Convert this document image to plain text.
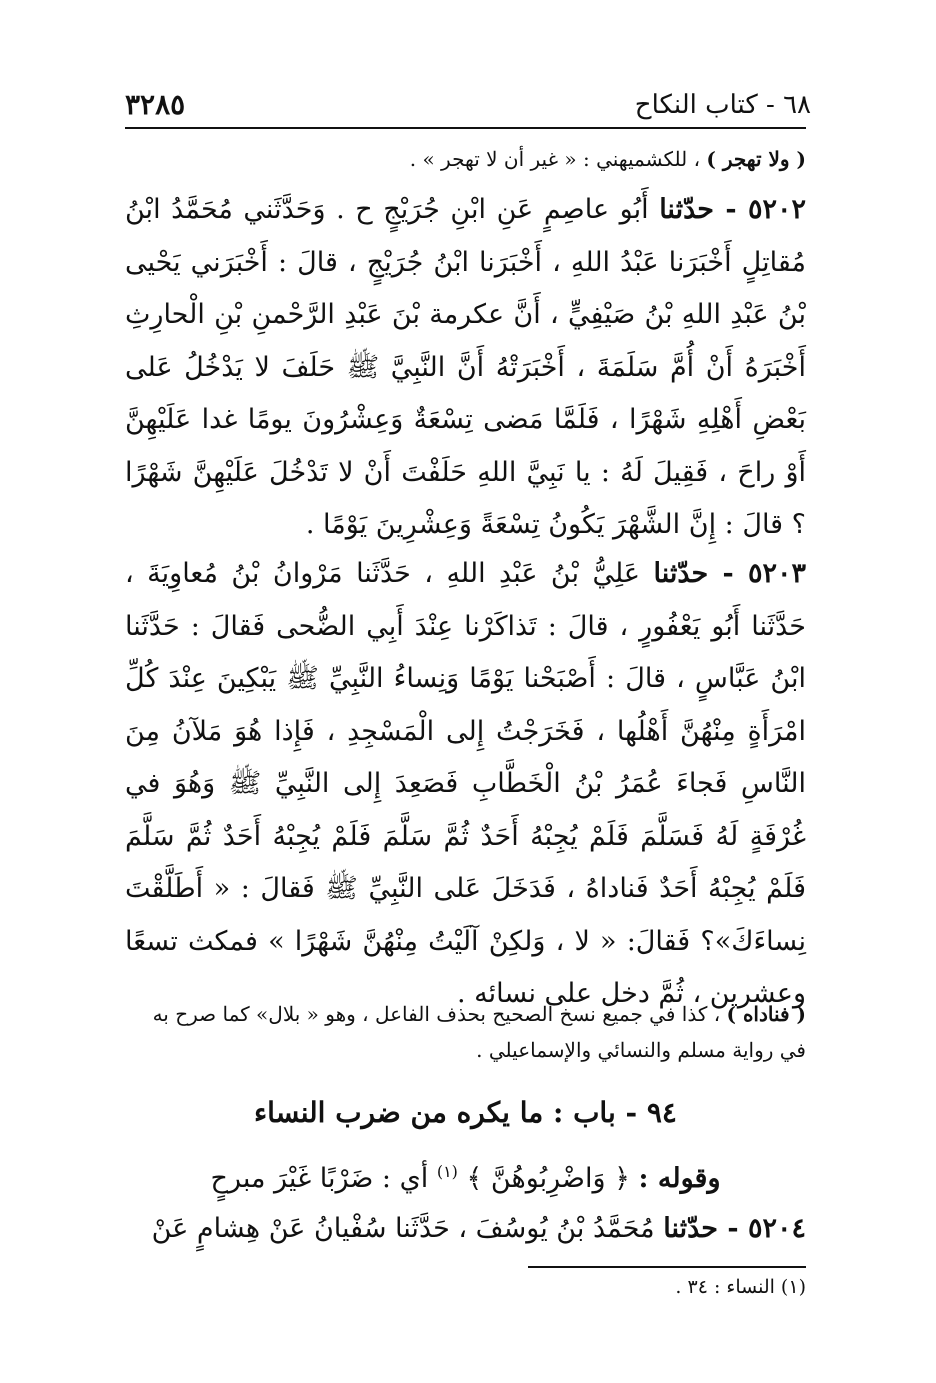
٦٨ - كتاب النكاح
٣٢٨٥
( ولا تهجر ) ، للكشميهني : « غير أن لا تهجر » .
٥٢٠٢ - حدّثنا أَبُو عاصِمٍ عَنِ ابْنِ جُرَيْجٍ ح . وَحَدَّثَني مُحَمَّدُ ابْنُ مُقاتِلٍ أَخْبَرَنا عَبْدُ اللهِ ، أَخْبَرَنا ابْنُ جُرَيْجٍ ، قالَ : أَخْبَرَني يَحْيى بْنُ عَبْدِ اللهِ بْنُ صَيْفِيٍّ ، أَنَّ عكرمة بْنَ عَبْدِ الرَّحْمنِ بْنِ الْحارِثِ أَخْبَرَهُ أَنْ أُمَّ سَلَمَةَ ، أَخْبَرَتْهُ أَنَّ النَّبِيَّ ﷺ حَلَفَ لا يَدْخُلُ عَلى بَعْضِ أَهْلِهِ شَهْرًا ، فَلَمَّا مَضى تِسْعَةٌ وَعِشْرُونَ يومًا غدا عَلَيْهِنَّ أَوْ راحَ ، فَقِيلَ لَهُ : يا نَبِيَّ اللهِ حَلَفْتَ أَنْ لا تَدْخُلَ عَلَيْهِنَّ شَهْرًا ؟ قالَ : إِنَّ الشَّهْرَ يَكُونُ تِسْعَةً وَعِشْرِينَ يَوْمًا .
٥٢٠٣ - حدّثنا عَلِيُّ بْنُ عَبْدِ اللهِ ، حَدَّثَنا مَرْوانُ بْنُ مُعاوِيَةَ ، حَدَّثَنا أَبُو يَعْفُورٍ ، قالَ : تَذاكَرْنا عِنْدَ أَبِي الضُّحى فَقالَ : حَدَّثَنا ابْنُ عَبَّاسٍ ، قالَ : أَصْبَحْنا يَوْمًا وَنِساءُ النَّبِيِّ ﷺ يَبْكِينَ عِنْدَ كُلِّ امْرَأَةٍ مِنْهُنَّ أَهْلُها ، فَخَرَجْتُ إِلى الْمَسْجِدِ ، فَإِذا هُوَ مَلآنُ مِنَ النَّاسِ فَجاءَ عُمَرُ بْنُ الْخَطَّابِ فَصَعِدَ إِلى النَّبِيِّ ﷺ وَهُوَ في غُرْفَةٍ لَهُ فَسَلَّمَ فَلَمْ يُجِبْهُ أَحَدٌ ثُمَّ سَلَّمَ فَلَمْ يُجِبْهُ أَحَدٌ ثُمَّ سَلَّمَ فَلَمْ يُجِبْهُ أَحَدٌ فَناداهُ ، فَدَخَلَ عَلى النَّبِيِّ ﷺ فَقالَ : « أَطَلَّقْتَ نِساءَكَ»؟ فَقالَ: « لا ، وَلكِنْ آلَيْتُ مِنْهُنَّ شَهْرًا » فمكث تسعًا وعشرين ، ثُمَّ دخل على نسائه .
( فناداه ) ، كذا في جميع نسخ الصحيح بحذف الفاعل ، وهو « بلال» كما صرح به في رواية مسلم والنسائي والإسماعيلي .
٩٤ - باب : ما يكره من ضرب النساء
وقوله : ﴿ وَاضْرِبُوهُنَّ ﴾ $^{(١)}$ أي : ضَرْبًا غَيْرَ مبرحٍ
٥٢٠٤ - حدّثنا مُحَمَّدُ بْنُ يُوسُفَ ، حَدَّثَنا سُفْيانُ عَنْ هِشامٍ عَنْ
(١) النساء : ٣٤ .
